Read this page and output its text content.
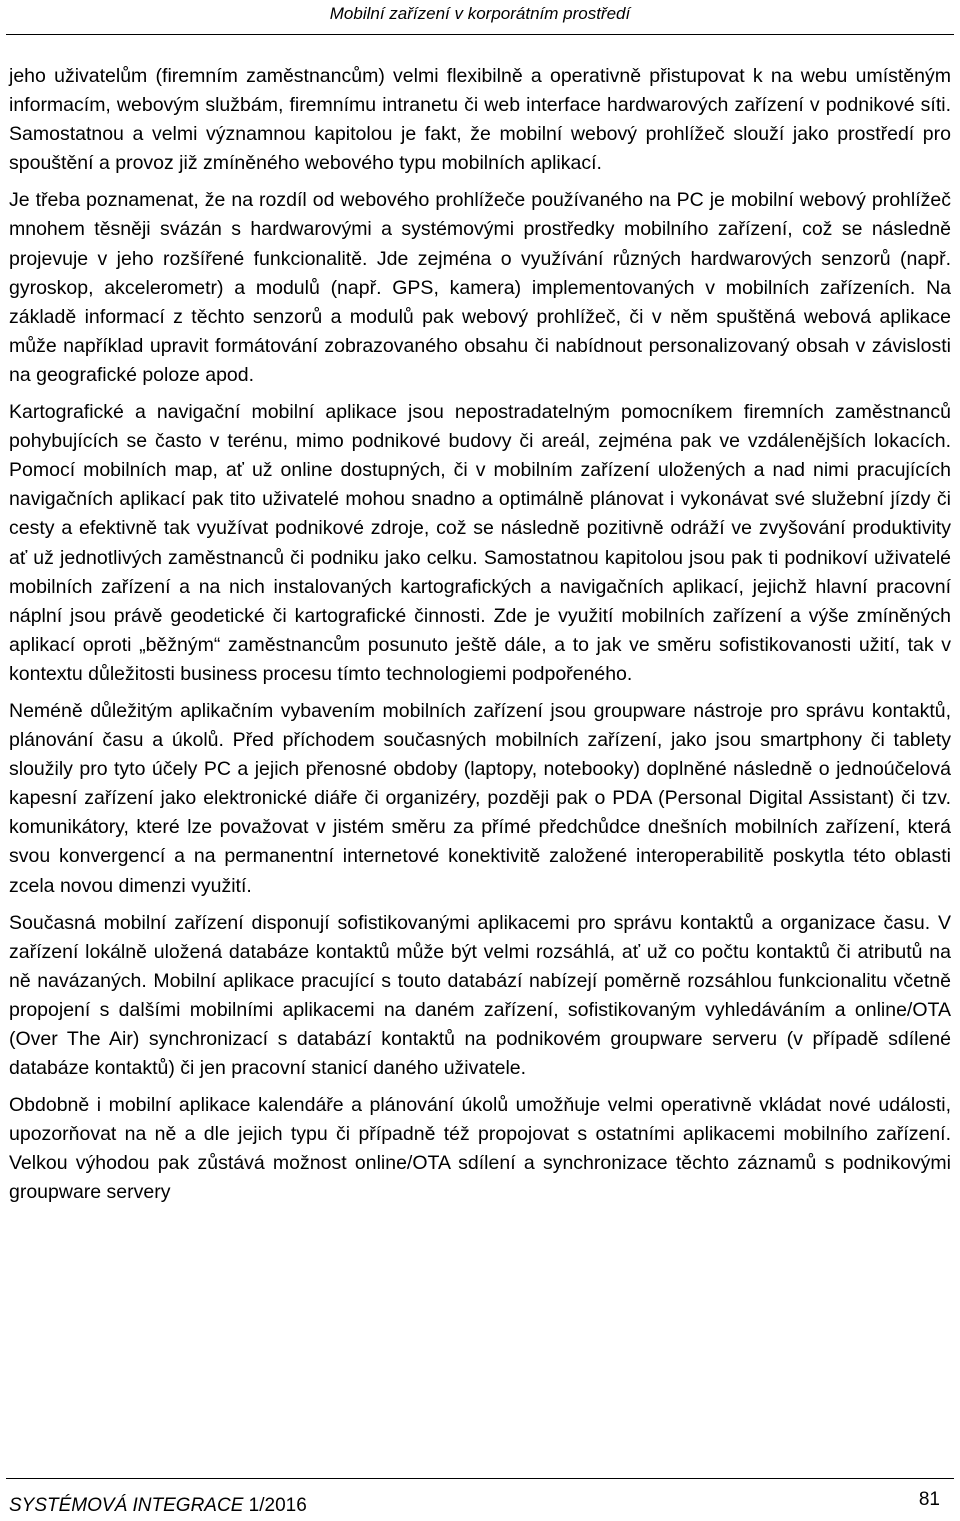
Mobilní zařízení v korporátním prostředí

jeho uživatelům (firemním zaměstnancům) velmi flexibilně a operativně přistupovat k na webu umístěným informacím, webovým službám, firemnímu intranetu či web interface hardwarových zařízení v podnikové síti. Samostatnou a velmi významnou kapitolou je fakt, že mobilní webový prohlížeč slouží jako prostředí pro spouštění a provoz již zmíněného webového typu mobilních aplikací.

Je třeba poznamenat, že na rozdíl od webového prohlížeče používaného na PC je mobilní webový prohlížeč mnohem těsněji svázán s hardwarovými a systémovými prostředky mobilního zařízení, což se následně projevuje v jeho rozšířené funkcionalitě. Jde zejména o využívání různých hardwarových senzorů (např. gyroskop, akcelerometr) a modulů (např. GPS, kamera) implementovaných v mobilních zařízeních. Na základě informací z těchto senzorů a modulů pak webový prohlížeč, či v něm spuštěná webová aplikace může například upravit formátování zobrazovaného obsahu či nabídnout personalizovaný obsah v závislosti na geografické poloze apod.

Kartografické a navigační mobilní aplikace jsou nepostradatelným pomocníkem firemních zaměstnanců pohybujících se často v terénu, mimo podnikové budovy či areál, zejména pak ve vzdálenějších lokacích. Pomocí mobilních map, ať už online dostupných, či v mobilním zařízení uložených a nad nimi pracujících navigačních aplikací pak tito uživatelé mohou snadno a optimálně plánovat i vykonávat své služební jízdy či cesty a efektivně tak využívat podnikové zdroje, což se následně pozitivně odráží ve zvyšování produktivity ať už jednotlivých zaměstnanců či podniku jako celku. Samostatnou kapitolou jsou pak ti podnikoví uživatelé mobilních zařízení a na nich instalovaných kartografických a navigačních aplikací, jejichž hlavní pracovní náplní jsou právě geodetické či kartografické činnosti. Zde je využití mobilních zařízení a výše zmíněných aplikací oproti „běžným“ zaměstnancům posunuto ještě dále, a to jak ve směru sofistikovanosti užití, tak v kontextu důležitosti business procesu tímto technologiemi podpořeného.

Neméně důležitým aplikačním vybavením mobilních zařízení jsou groupware nástroje pro správu kontaktů, plánování času a úkolů. Před příchodem současných mobilních zařízení, jako jsou smartphony či tablety sloužily pro tyto účely PC a jejich přenosné obdoby (laptopy, notebooky) doplněné následně o jednoúčelová kapesní zařízení jako elektronické diáře či organizéry, později pak o PDA (Personal Digital Assistant) či tzv. komunikátory, které lze považovat v jistém směru za přímé předchůdce dnešních mobilních zařízení, která svou konvergencí a na permanentní internetové konektivitě založené interoperabilitě poskytla této oblasti zcela novou dimenzi využití.

Současná mobilní zařízení disponují sofistikovanými aplikacemi pro správu kontaktů a organizace času. V zařízení lokálně uložená databáze kontaktů může být velmi rozsáhlá, ať už co počtu kontaktů či atributů na ně navázaných. Mobilní aplikace pracující s touto databází nabízejí poměrně rozsáhlou funkcionalitu včetně propojení s dalšími mobilními aplikacemi na daném zařízení, sofistikovaným vyhledáváním a online/OTA (Over The Air) synchronizací s databází kontaktů na podnikovém groupware serveru (v případě sdílené databáze kontaktů) či jen pracovní stanicí daného uživatele.

Obdobně i mobilní aplikace kalendáře a plánování úkolů umožňuje velmi operativně vkládat nové události, upozorňovat na ně a dle jejich typu či případně též propojovat s ostatními aplikacemi mobilního zařízení. Velkou výhodou pak zůstává možnost online/OTA sdílení a synchronizace těchto záznamů s podnikovými groupware servery

SYSTÉMOVÁ INTEGRACE 1/2016	81
